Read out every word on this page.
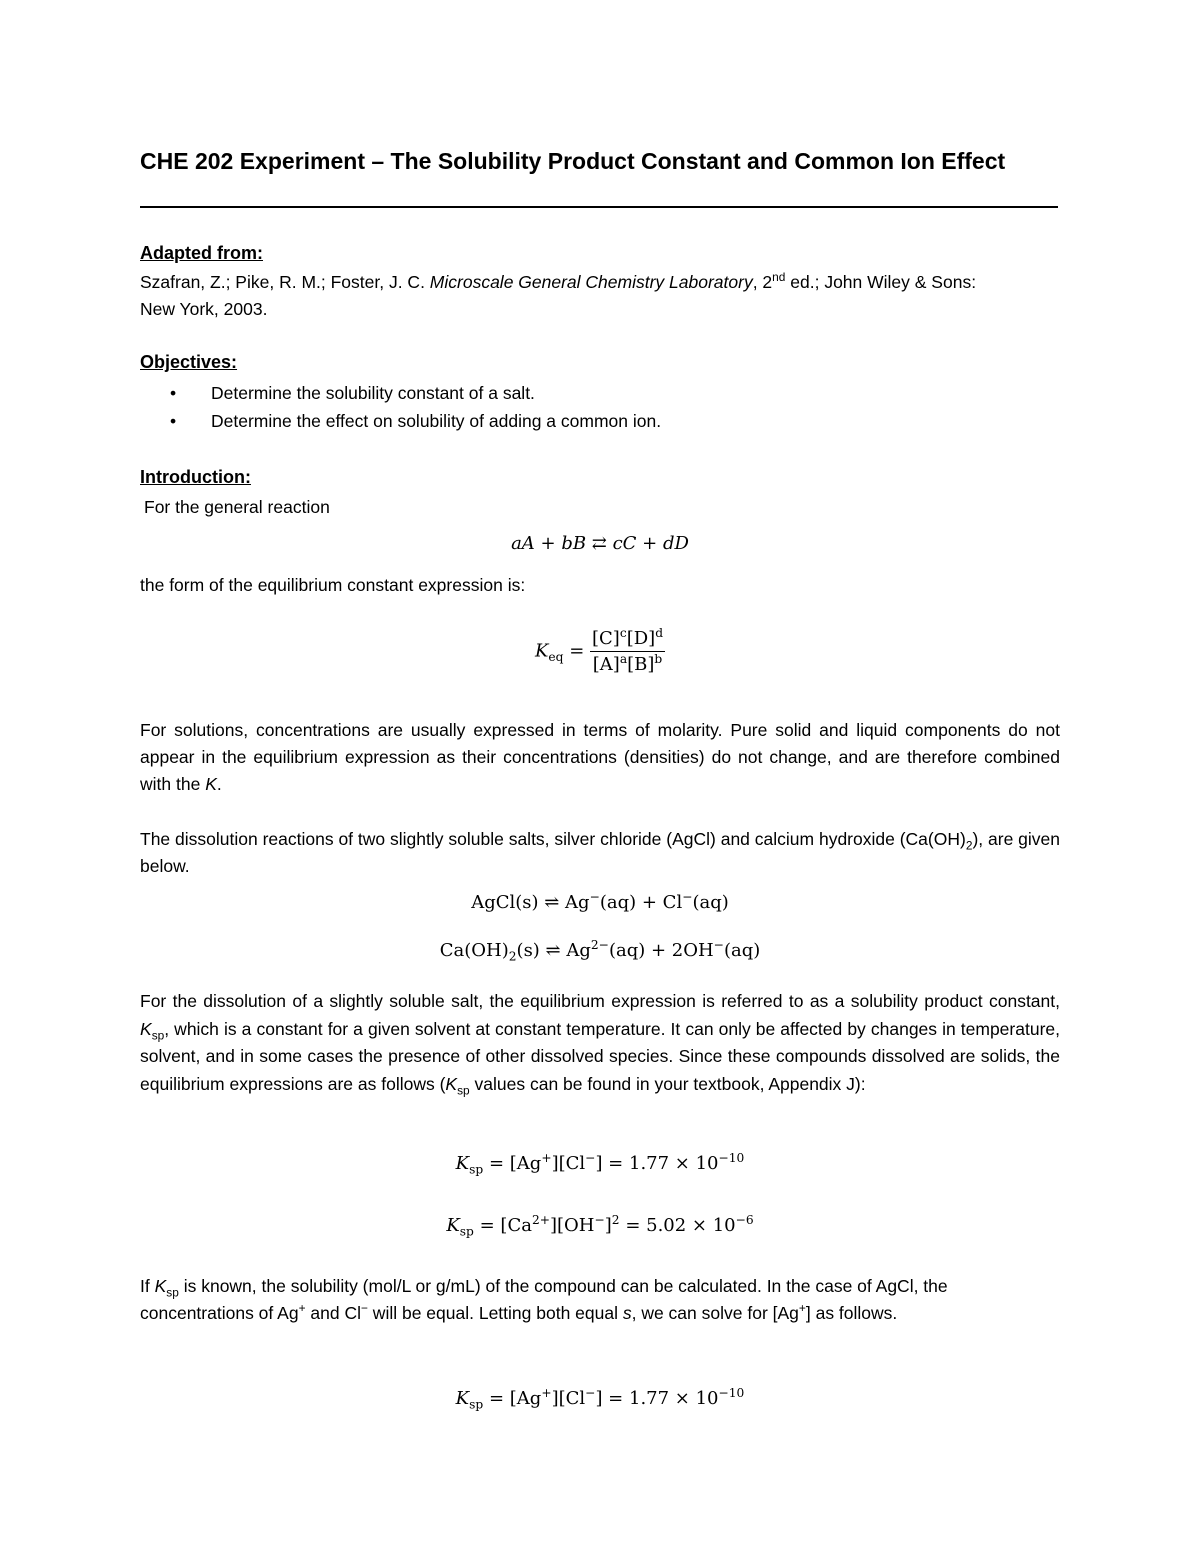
CHE 202 Experiment – The Solubility Product Constant and Common Ion Effect
Adapted from:
Szafran, Z.; Pike, R. M.; Foster, J. C. Microscale General Chemistry Laboratory, 2nd ed.; John Wiley & Sons:
New York, 2003.
Objectives:
• Determine the solubility constant of a salt.
• Determine the effect on solubility of adding a common ion.
Introduction:
For the general reaction
aA + bB ⇄ cC + dD
the form of the equilibrium constant expression is:
$K_{eq} = \frac{[C]^c[D]^d}{[A]^a[B]^b}$
For solutions, concentrations are usually expressed in terms of molarity. Pure solid and liquid components do not appear in the equilibrium expression as their concentrations (densities) do not change, and are therefore combined with the K.
The dissolution reactions of two slightly soluble salts, silver chloride (AgCl) and calcium hydroxide $(Ca(OH)_2)$, are given below.
AgCl(s) ⇌ Ag−(aq) + Cl−(aq)
$Ca(OH)_2(s)$ ⇌ $Ag^{2-}(aq) + 2OH^-(aq)$
For the dissolution of a slightly soluble salt, the equilibrium expression is referred to as a solubility product constant, $K_{sp}$, which is a constant for a given solvent at constant temperature. It can only be affected by changes in temperature, solvent, and in some cases the presence of other dissolved species. Since these compounds dissolved are solids, the equilibrium expressions are as follows ($K_{sp}$ values can be found in your textbook, Appendix J):
$K_{sp} = [Ag^+][Cl^-] = 1.77 \times 10^{-10}$
$K_{sp} = [Ca^{2+}][OH^-]^2 = 5.02 \times 10^{-6}$
If $K_{sp}$ is known, the solubility (mol/L or g/mL) of the compound can be calculated. In the case of AgCl, the concentrations of Ag+ and Cl− will be equal. Letting both equal s, we can solve for [Ag+] as follows.
$K_{sp} = [Ag^+][Cl^-] = 1.77 \times 10^{-10}$
